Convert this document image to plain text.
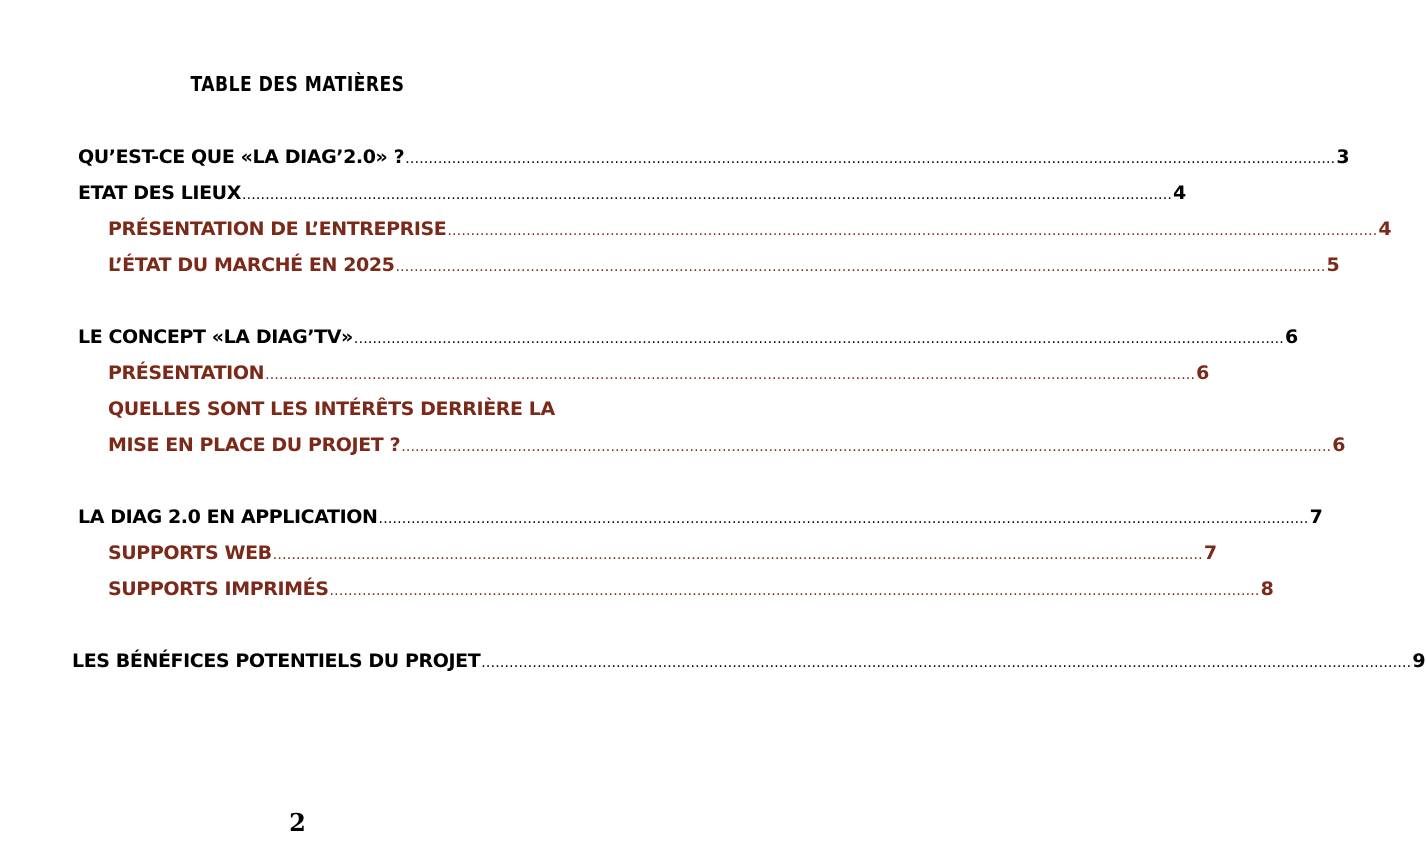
TABLE DES MATIÈRES
QU’EST-CE QUE «LA DIAG’2.0» ? ........................................................................................................................................................................................................ 3
ETAT DES LIEUX ........................................................................................................................................................................................................ 4
PRÉSENTATION DE L’ENTREPRISE ........................................................................................................................................................................................................ 4
L’ÉTAT DU MARCHÉ EN 2025 ........................................................................................................................................................................................................ 5
LE CONCEPT «LA DIAG’TV» ........................................................................................................................................................................................................ 6
PRÉSENTATION ........................................................................................................................................................................................................ 6
QUELLES SONT LES INTÉRÊTS DERRIÈRE LA
MISE EN PLACE DU PROJET ? ........................................................................................................................................................................................................ 6
LA DIAG 2.0 EN APPLICATION ........................................................................................................................................................................................................ 7
SUPPORTS WEB ........................................................................................................................................................................................................ 7
SUPPORTS IMPRIMÉS ........................................................................................................................................................................................................ 8
LES BÉNÉFICES POTENTIELS DU PROJET ........................................................................................................................................................................................................ 9
2
